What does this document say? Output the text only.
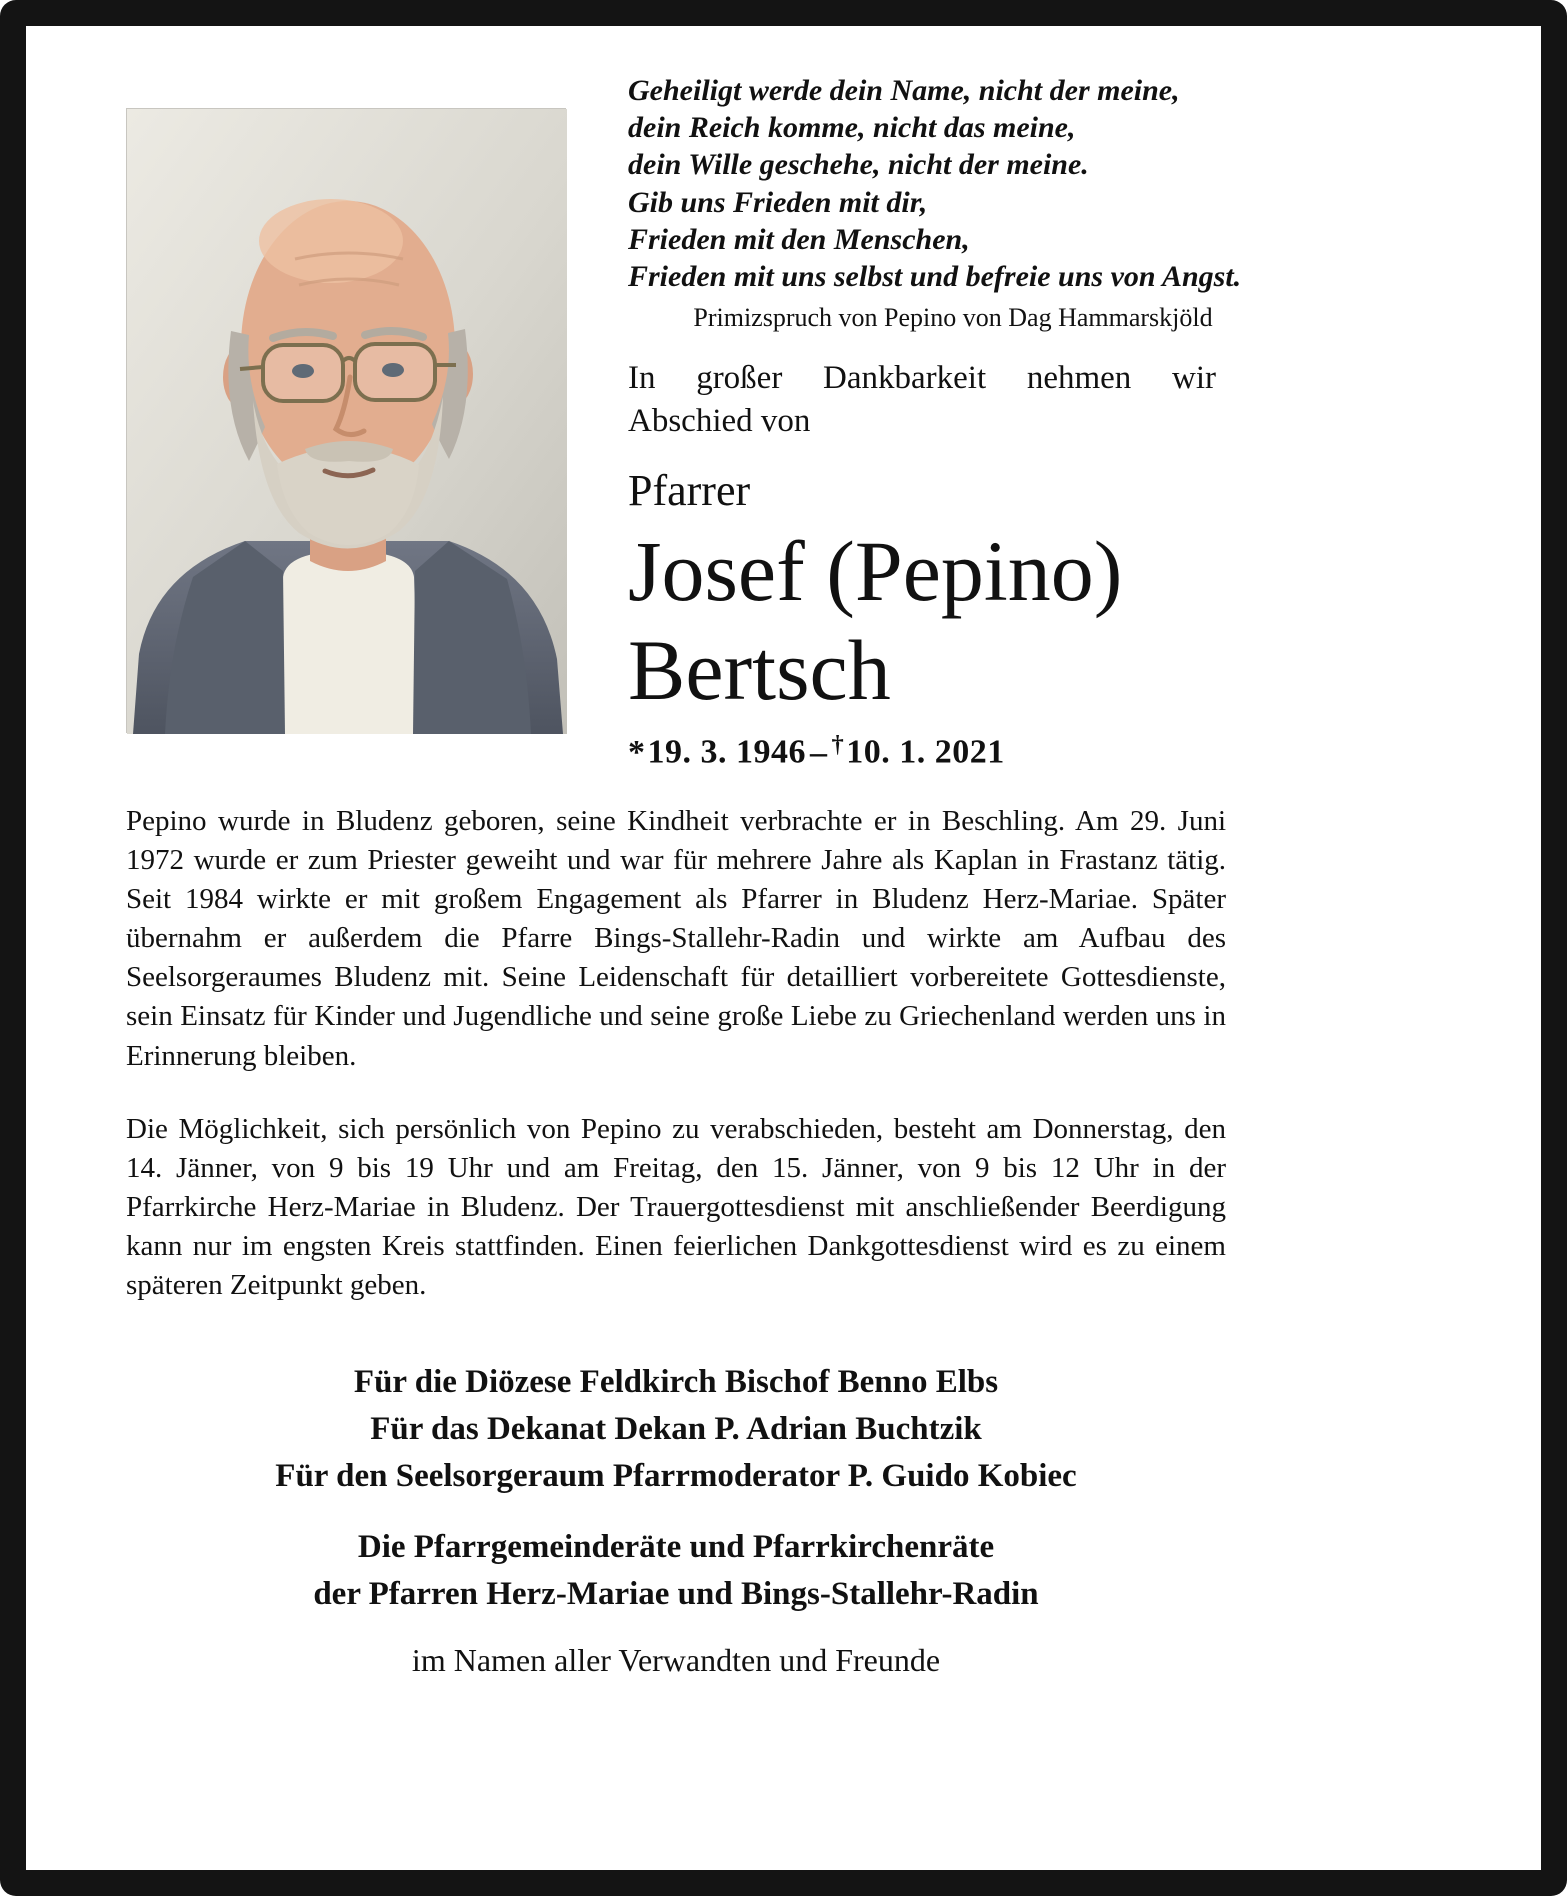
Geheiligt werde dein Name, nicht der meine,
dein Reich komme, nicht das meine,
dein Wille geschehe, nicht der meine.
Gib uns Frieden mit dir,
Frieden mit den Menschen,
Frieden mit uns selbst und befreie uns von Angst.
Primizspruch von Pepino von Dag Hammarskjöld
In großer Dankbarkeit nehmen wir Abschied von
Pfarrer
Josef (Pepino)
Bertsch
*19. 3. 1946 – †10. 1. 2021

Pepino wurde in Bludenz geboren, seine Kindheit verbrachte er in Beschling. Am 29. Juni 1972 wurde er zum Priester geweiht und war für mehrere Jahre als Kaplan in Frastanz tätig. Seit 1984 wirkte er mit großem Engagement als Pfarrer in Bludenz Herz-Mariae. Später übernahm er außerdem die Pfarre Bings-Stallehr-Radin und wirkte am Aufbau des Seelsorgeraumes Bludenz mit. Seine Leidenschaft für detailliert vorbereitete Gottesdienste, sein Einsatz für Kinder und Jugendliche und seine große Liebe zu Griechenland werden uns in Erinnerung bleiben.

Die Möglichkeit, sich persönlich von Pepino zu verabschieden, besteht am Donnerstag, den 14. Jänner, von 9 bis 19 Uhr und am Freitag, den 15. Jänner, von 9 bis 12 Uhr in der Pfarrkirche Herz-Mariae in Bludenz. Der Trauergottesdienst mit anschließender Beerdigung kann nur im engsten Kreis stattfinden. Einen feierlichen Dankgottesdienst wird es zu einem späteren Zeitpunkt geben.

Für die Diözese Feldkirch Bischof Benno Elbs
Für das Dekanat Dekan P. Adrian Buchtzik
Für den Seelsorgeraum Pfarrmoderator P. Guido Kobiec
Die Pfarrgemeinderäte und Pfarrkirchenräte
der Pfarren Herz-Mariae und Bings-Stallehr-Radin
im Namen aller Verwandten und Freunde
